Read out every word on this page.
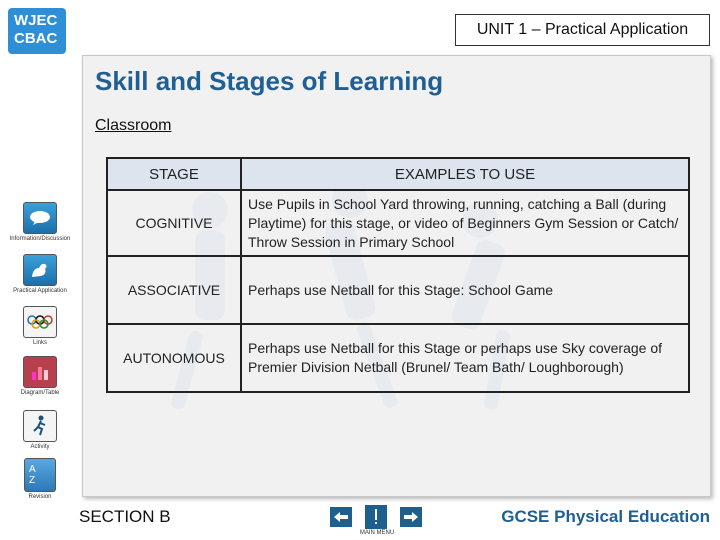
WJEC
CBAC
UNIT 1 – Practical Application
Skill and Stages of Learning
Classroom
STAGE	EXAMPLES TO USE
COGNITIVE	Use Pupils in School Yard throwing, running, catching a Ball (during Playtime) for this stage, or video of Beginners Gym Session or Catch/ Throw Session in Primary School
ASSOCIATIVE	Perhaps use Netball for this Stage: School Game
AUTONOMOUS	Perhaps use Netball for this Stage or perhaps use Sky coverage of Premier Division Netball (Brunel/ Team Bath/ Loughborough)
Information/Discussion
Practical Application
Links
Diagram/Table
Activity
A
Z
Revision
SECTION B
MAIN MENU
GCSE Physical Education
